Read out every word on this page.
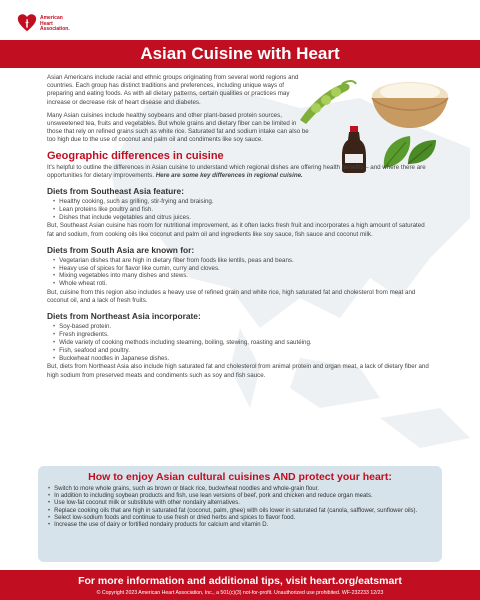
American
Heart
Association.
Asian Cuisine with Heart

Asian Americans include racial and ethnic groups originating from several world regions and countries. Each group has distinct traditions and preferences, including unique ways of preparing and eating foods. As with all dietary patterns, certain qualities or practices may increase or decrease risk of heart disease and diabetes.

Many Asian cuisines include healthy soybeans and other plant-based protein sources, unsweetened tea, fruits and vegetables. But whole grains and dietary fiber can be limited in those that rely on refined grains such as white rice. Saturated fat and sodium intake can also be too high due to the use of coconut and palm oil and condiments like soy sauce.

Geographic differences in cuisine

It's helpful to outline the differences in Asian cuisine to understand which regional dishes are offering health benefits – and where there are opportunities for dietary improvements. Here are some key differences in regional cuisine.

Diets from Southeast Asia feature:
• Healthy cooking, such as grilling, stir-frying and braising.
• Lean proteins like poultry and fish.
• Dishes that include vegetables and citrus juices.

But, Southeast Asian cuisine has room for nutritional improvement, as it often lacks fresh fruit and incorporates a high amount of saturated fat and sodium, from cooking oils like coconut and palm oil and ingredients like soy sauce, fish sauce and coconut milk.

Diets from South Asia are known for:
• Vegetarian dishes that are high in dietary fiber from foods like lentils, peas and beans.
• Heavy use of spices for flavor like cumin, curry and cloves.
• Mixing vegetables into many dishes and stews.
• Whole wheat roti.

But, cuisine from this region also includes a heavy use of refined grain and white rice, high saturated fat and cholesterol from meat and coconut oil, and a lack of fresh fruits.

Diets from Northeast Asia incorporate:
• Soy-based protein.
• Fresh ingredients.
• Wide variety of cooking methods including steaming, boiling, stewing, roasting and sautéing.
• Fish, seafood and poultry.
• Buckwheat noodles in Japanese dishes.

But, diets from Northeast Asia also include high saturated fat and cholesterol from animal protein and organ meat, a lack of dietary fiber and high sodium from preserved meats and condiments such as soy and fish sauce.

How to enjoy Asian cultural cuisines AND protect your heart:
• Switch to more whole grains, such as brown or black rice, buckwheat noodles and whole-grain flour.
• In addition to including soybean products and fish, use lean versions of beef, pork and chicken and reduce organ meats.
• Use low-fat coconut milk or substitute with other nondairy alternatives.
• Replace cooking oils that are high in saturated fat (coconut, palm, ghee) with oils lower in saturated fat (canola, safflower, sunflower oils).
• Select low-sodium foods and continue to use fresh or dried herbs and spices to flavor food.
• Increase the use of dairy or fortified nondairy products for calcium and vitamin D.
For more information and additional tips, visit heart.org/eatsmart
© Copyright 2023 American Heart Association, Inc., a 501(c)(3) not-for-profit. Unauthorized use prohibited. WF-232233 12/23
